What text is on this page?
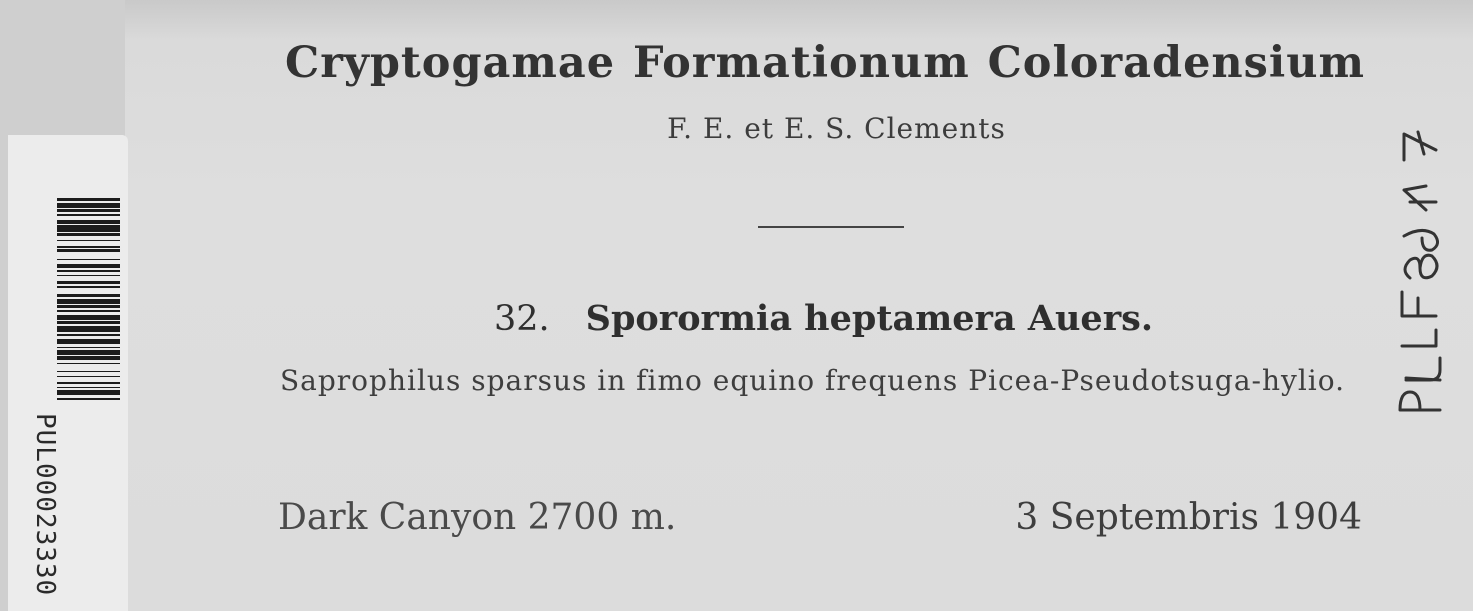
PUL00023330
Cryptogamae Formationum Coloradensium
F. E. et E. S. Clements
32. Sporormia heptamera Auers.
Saprophilus sparsus in fimo equino frequens Picea-Pseudotsuga-hylio.
Dark Canyon 2700 m.	3 Septembris 1904
